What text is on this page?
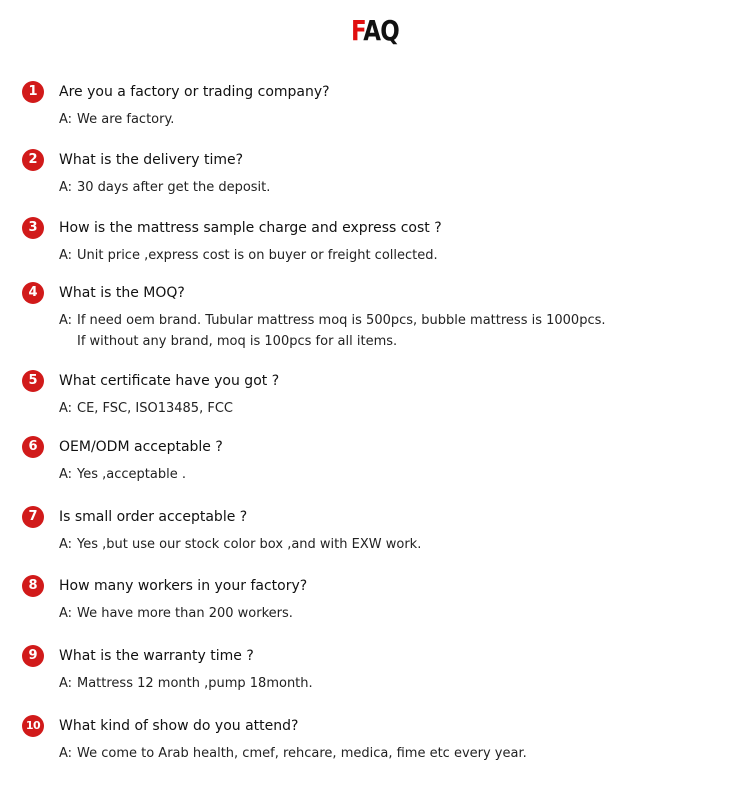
FAQ
1	Are you a factory or trading company?
A: We are factory.
2	What is the delivery time?
A: 30 days after get the deposit.
3	How is the mattress sample charge and express cost ?
A: Unit price ,express cost is on buyer or freight collected.
4	What is the MOQ?
A: If need oem brand. Tubular mattress moq is 500pcs, bubble mattress is 1000pcs.
If without any brand, moq is 100pcs for all items.
5	What certificate have you got ?
A: CE, FSC, ISO13485, FCC
6	OEM/ODM acceptable ?
A: Yes ,acceptable .
7	Is small order acceptable ?
A: Yes ,but use our stock color box ,and with EXW work.
8	How many workers in your factory?
A: We have more than 200 workers.
9	What is the warranty time ?
A: Mattress 12 month ,pump 18month.
10 What kind of show do you attend?
A: We come to Arab health, cmef, rehcare, medica, fime etc every year.
